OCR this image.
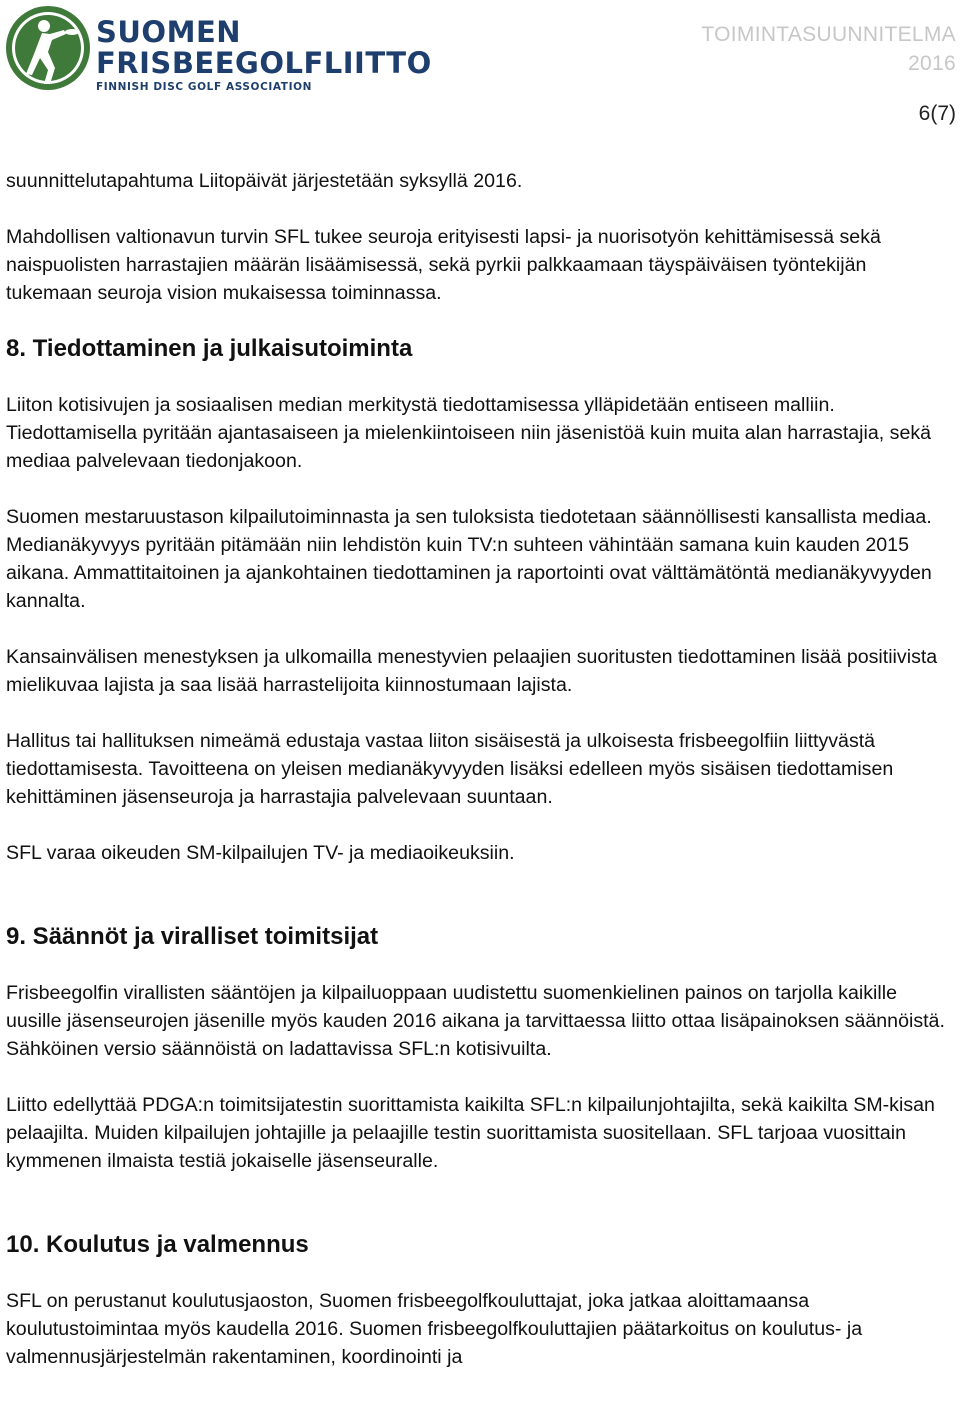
SUOMEN
FRISBEEGOLFLIITTO
FINNISH DISC GOLF ASSOCIATION
TOIMINTASUUNNITELMA
2016
6(7)

suunnittelutapahtuma Liitopäivät järjestetään syksyllä 2016.

Mahdollisen valtionavun turvin SFL tukee seuroja erityisesti lapsi- ja nuorisotyön kehittämisessä sekä naispuolisten harrastajien määrän lisäämisessä, sekä pyrkii palkkaamaan täyspäiväisen työntekijän tukemaan seuroja vision mukaisessa toiminnassa.

8. Tiedottaminen ja julkaisutoiminta

Liiton kotisivujen ja sosiaalisen median merkitystä tiedottamisessa ylläpidetään entiseen malliin. Tiedottamisella pyritään ajantasaiseen ja mielenkiintoiseen niin jäsenistöä kuin muita alan harrastajia, sekä mediaa palvelevaan tiedonjakoon.

Suomen mestaruustason kilpailutoiminnasta ja sen tuloksista tiedotetaan säännöllisesti kansallista mediaa. Medianäkyvyys pyritään pitämään niin lehdistön kuin TV:n suhteen vähintään samana kuin kauden 2015 aikana. Ammattitaitoinen ja ajankohtainen tiedottaminen ja raportointi ovat välttämätöntä medianäkyvyyden kannalta.

Kansainvälisen menestyksen ja ulkomailla menestyvien pelaajien suoritusten tiedottaminen lisää positiivista mielikuvaa lajista ja saa lisää harrastelijoita kiinnostumaan lajista.

Hallitus tai hallituksen nimeämä edustaja vastaa liiton sisäisestä ja ulkoisesta frisbeegolfiin liittyvästä tiedottamisesta. Tavoitteena on yleisen medianäkyvyyden lisäksi edelleen myös sisäisen tiedottamisen kehittäminen jäsenseuroja ja harrastajia palvelevaan suuntaan.

SFL varaa oikeuden SM-kilpailujen TV- ja mediaoikeuksiin.

9. Säännöt ja viralliset toimitsijat

Frisbeegolfin virallisten sääntöjen ja kilpailuoppaan uudistettu suomenkielinen painos on tarjolla kaikille uusille jäsenseurojen jäsenille myös kauden 2016 aikana ja tarvittaessa liitto ottaa lisäpainoksen säännöistä. Sähköinen versio säännöistä on ladattavissa SFL:n kotisivuilta.

Liitto edellyttää PDGA:n toimitsijatestin suorittamista kaikilta SFL:n kilpailunjohtajilta, sekä kaikilta SM-kisan pelaajilta. Muiden kilpailujen johtajille ja pelaajille testin suorittamista suositellaan. SFL tarjoaa vuosittain kymmenen ilmaista testiä jokaiselle jäsenseuralle.

10. Koulutus ja valmennus

SFL on perustanut koulutusjaoston, Suomen frisbeegolfkouluttajat, joka jatkaa aloittamaansa koulutustoimintaa myös kaudella 2016. Suomen frisbeegolfkouluttajien päätarkoitus on koulutus- ja valmennusjärjestelmän rakentaminen, koordinointi ja
